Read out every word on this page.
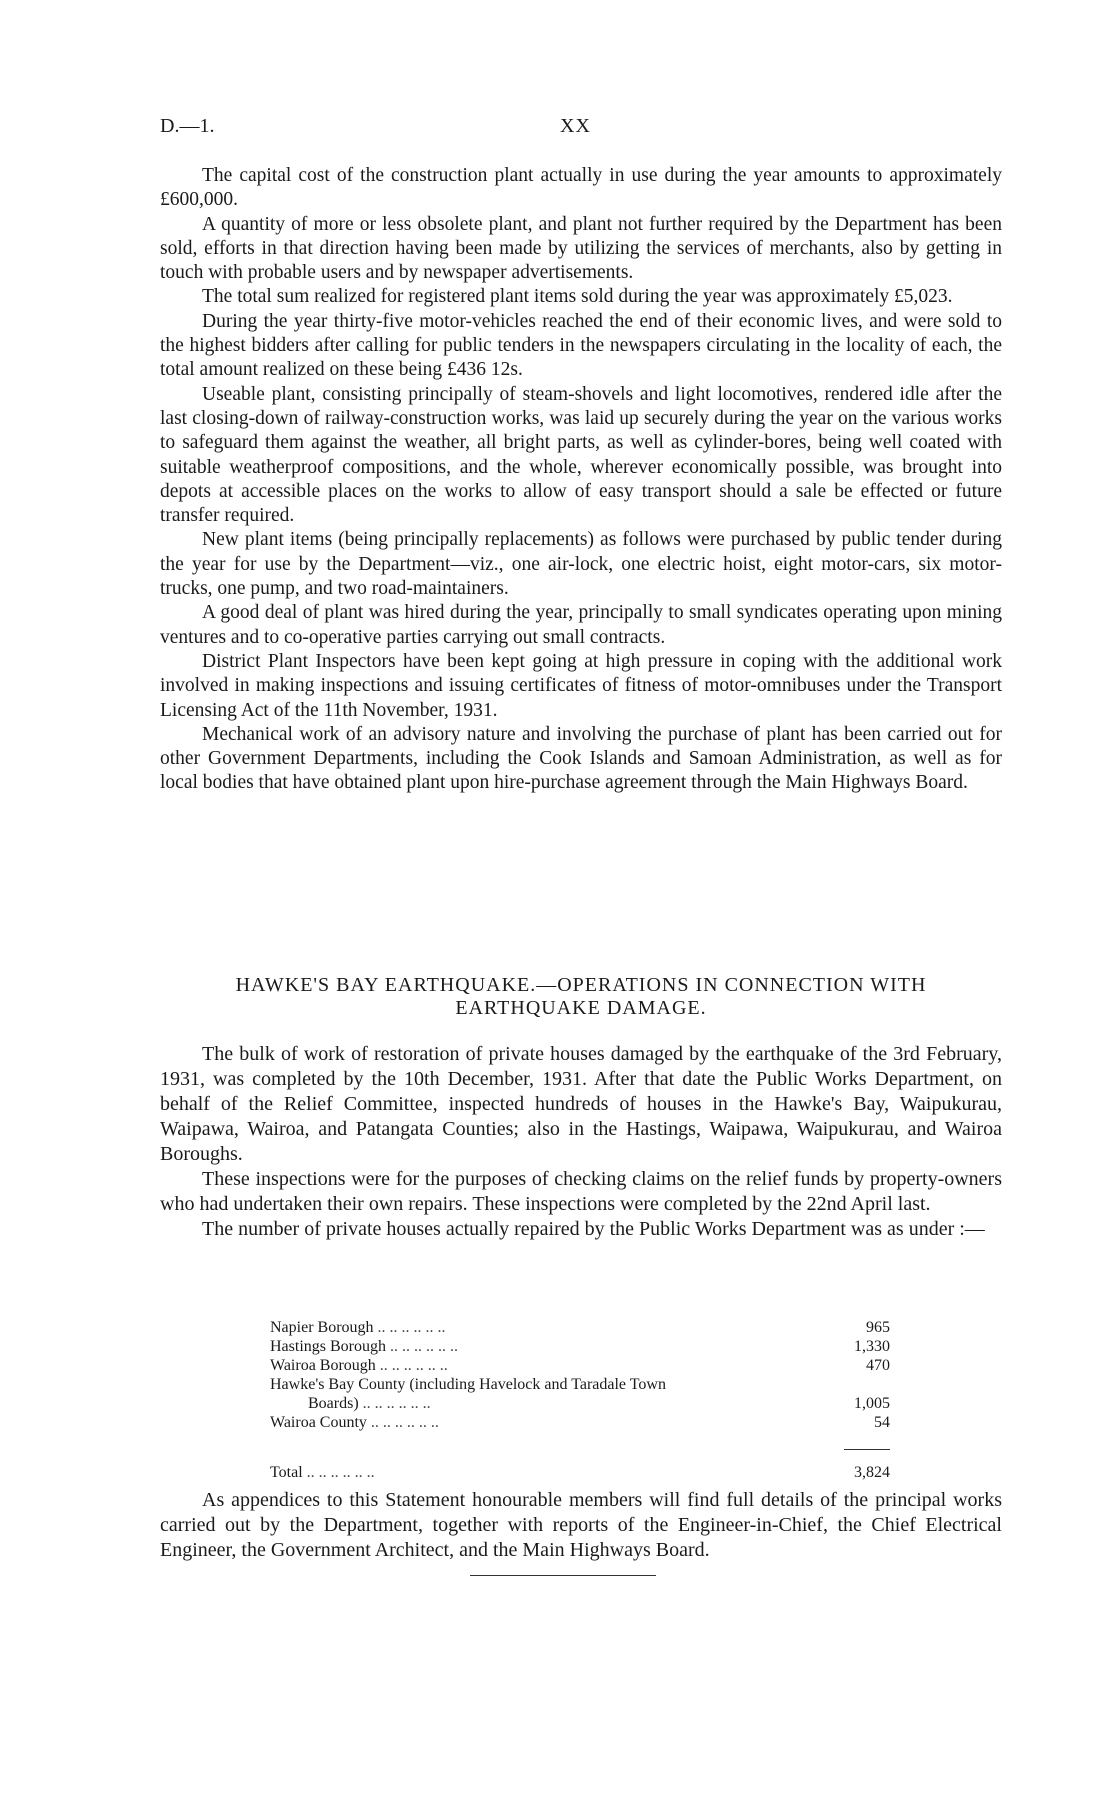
D.—1.	XX

The capital cost of the construction plant actually in use during the year amounts to approximately £600,000.

A quantity of more or less obsolete plant, and plant not further required by the Department has been sold, efforts in that direction having been made by utilizing the services of merchants, also by getting in touch with probable users and by newspaper advertisements.

The total sum realized for registered plant items sold during the year was approximately £5,023.

During the year thirty-five motor-vehicles reached the end of their economic lives, and were sold to the highest bidders after calling for public tenders in the newspapers circulating in the locality of each, the total amount realized on these being £436 12s.

Useable plant, consisting principally of steam-shovels and light locomotives, rendered idle after the last closing-down of railway-construction works, was laid up securely during the year on the various works to safeguard them against the weather, all bright parts, as well as cylinder-bores, being well coated with suitable weatherproof compositions, and the whole, wherever economically possible, was brought into depots at accessible places on the works to allow of easy transport should a sale be effected or future transfer required.

New plant items (being principally replacements) as follows were purchased by public tender during the year for use by the Department—viz., one air-lock, one electric hoist, eight motor-cars, six motor-trucks, one pump, and two road-maintainers.

A good deal of plant was hired during the year, principally to small syndicates operating upon mining ventures and to co-operative parties carrying out small contracts.

District Plant Inspectors have been kept going at high pressure in coping with the additional work involved in making inspections and issuing certificates of fitness of motor-omnibuses under the Transport Licensing Act of the 11th November, 1931.

Mechanical work of an advisory nature and involving the purchase of plant has been carried out for other Government Departments, including the Cook Islands and Samoan Administration, as well as for local bodies that have obtained plant upon hire-purchase agreement through the Main Highways Board.

HAWKE'S BAY EARTHQUAKE.—OPERATIONS IN CONNECTION WITH
EARTHQUAKE DAMAGE.

The bulk of work of restoration of private houses damaged by the earthquake of the 3rd February, 1931, was completed by the 10th December, 1931. After that date the Public Works Department, on behalf of the Relief Committee, inspected hundreds of houses in the Hawke's Bay, Waipukurau, Waipawa, Wairoa, and Patangata Counties; also in the Hastings, Waipawa, Waipukurau, and Wairoa Boroughs.

These inspections were for the purposes of checking claims on the relief funds by property-owners who had undertaken their own repairs. These inspections were completed by the 22nd April last.

The number of private houses actually repaired by the Public Works Department was as under :—

Napier Borough .. .. .. .. .. ..	965
Hastings Borough .. .. .. .. .. ..	1,330
Wairoa Borough .. .. .. .. .. ..	470

Hawke's Bay County (including Havelock and Taradale Town
Boards) .. .. .. .. .. ..	1,005
Wairoa County .. .. .. .. .. ..	54

Total .. .. .. .. .. ..	3,824

As appendices to this Statement honourable members will find full details of the principal works carried out by the Department, together with reports of the Engineer-in-Chief, the Chief Electrical Engineer, the Government Architect, and the Main Highways Board.
